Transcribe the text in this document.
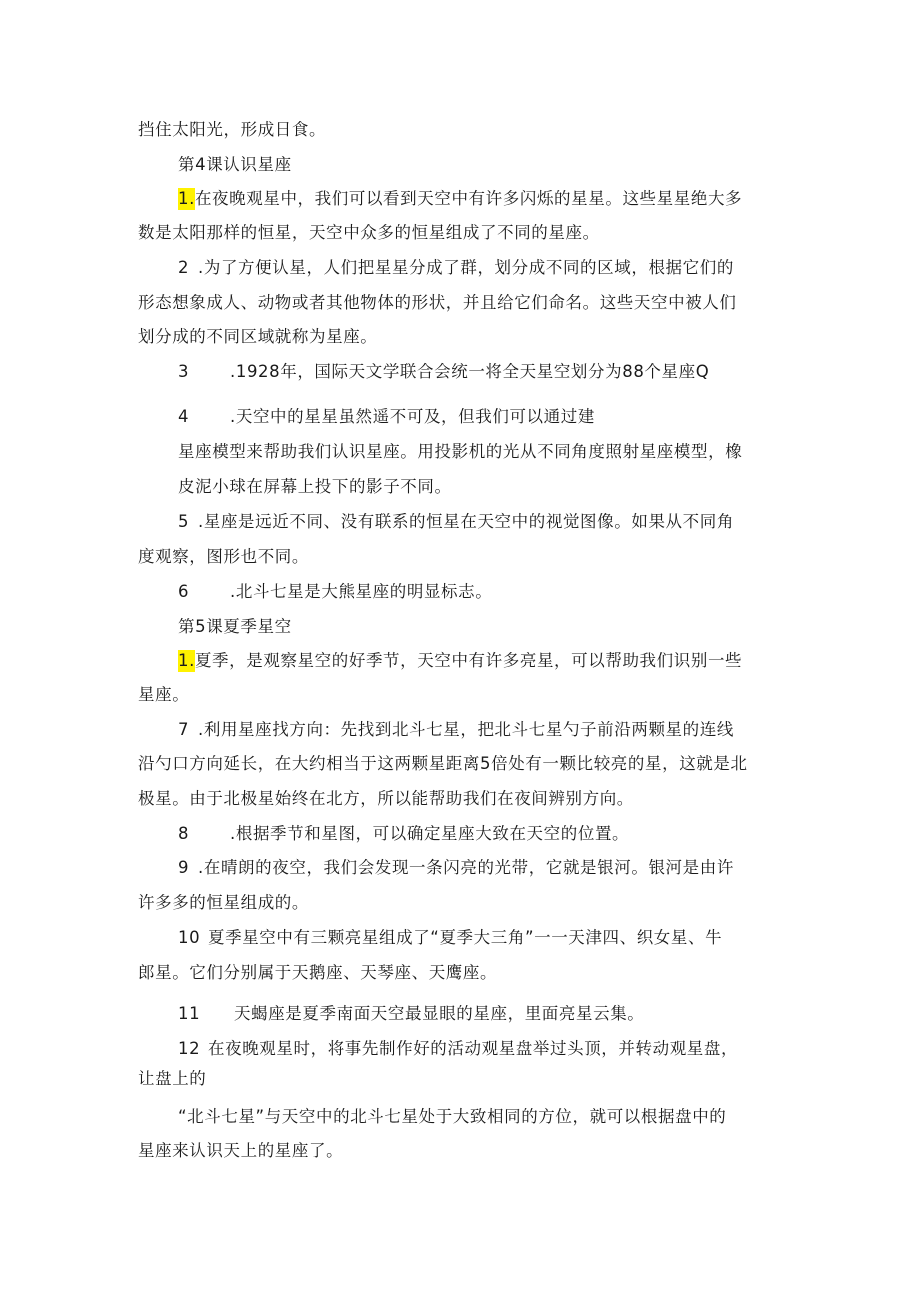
挡住太阳光，形成日食。
第4课认识星座
1.在夜晚观星中，我们可以看到天空中有许多闪烁的星星。这些星星绝大多
数是太阳那样的恒星，天空中众多的恒星组成了不同的星座。
2 .为了方便认星，人们把星星分成了群，划分成不同的区域，根据它们的
形态想象成人、动物或者其他物体的形状，并且给它们命名。这些天空中被人们
划分成的不同区域就称为星座。
3 .1928年，国际天文学联合会统一将全天星空划分为88个星座Q
4 .天空中的星星虽然遥不可及，但我们可以通过建
星座模型来帮助我们认识星座。用投影机的光从不同角度照射星座模型，橡
皮泥小球在屏幕上投下的影子不同。
5 .星座是远近不同、没有联系的恒星在天空中的视觉图像。如果从不同角
度观察，图形也不同。
6 .北斗七星是大熊星座的明显标志。
第5课夏季星空
1.夏季，是观察星空的好季节，天空中有许多亮星，可以帮助我们识别一些
星座。
7 .利用星座找方向：先找到北斗七星，把北斗七星勺子前沿两颗星的连线
沿勺口方向延长，在大约相当于这两颗星距离5倍处有一颗比较亮的星，这就是北
极星。由于北极星始终在北方，所以能帮助我们在夜间辨别方向。
8 .根据季节和星图，可以确定星座大致在天空的位置。
9 .在晴朗的夜空，我们会发现一条闪亮的光带，它就是银河。银河是由许
许多多的恒星组成的。
10 夏季星空中有三颗亮星组成了“夏季大三角”一一天津四、织女星、牛
郎星。它们分别属于天鹅座、天琴座、天鹰座。
11 天蝎座是夏季南面天空最显眼的星座，里面亮星云集。
12 在夜晚观星时，将事先制作好的活动观星盘举过头顶，并转动观星盘，
让盘上的
“北斗七星”与天空中的北斗七星处于大致相同的方位，就可以根据盘中的
星座来认识天上的星座了。
